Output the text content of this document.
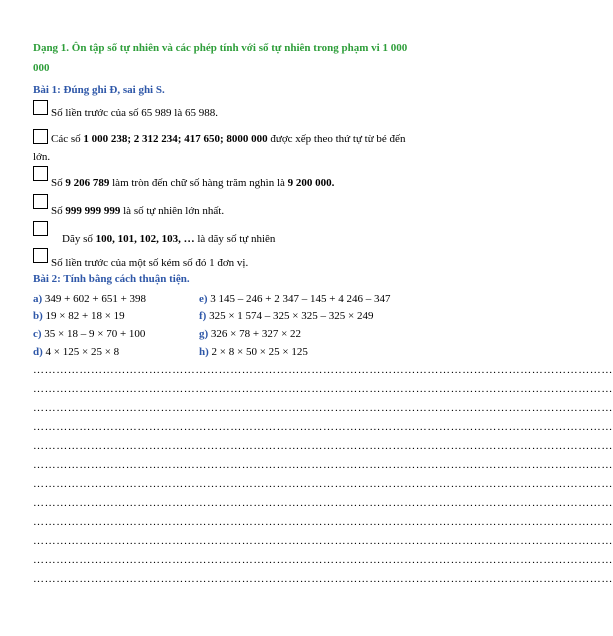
Dạng 1. Ôn tập số tự nhiên và các phép tính với số tự nhiên trong phạm vi 1 000
000
Bài 1: Đúng ghi Đ, sai ghi S.
Số liền trước của số 65 989 là 65 988.
Các số 1 000 238; 2 312 234; 417 650; 8000 000 được xếp theo thứ tự từ bé đến
lớn.
Số 9 206 789 làm tròn đến chữ số hàng trăm nghìn là 9 200 000.
Số 999 999 999 là số tự nhiên lớn nhất.
Dãy số 100, 101, 102, 103, … là dãy số tự nhiên
Số liền trước của một số kém số đó 1 đơn vị.
Bài 2: Tính bằng cách thuận tiện.
a) 349 + 602 + 651 + 398	e) 3 145 – 246 + 2 347 – 145 + 4 246 – 347
b) 19 × 82 + 18 × 19	f) 325 × 1 574 – 325 × 325 – 325 × 249
c) 35 × 18 – 9 × 70 + 100	g) 326 × 78 + 327 × 22
d) 4 × 125 × 25 × 8	h) 2 × 8 × 50 × 25 × 125
……………………………………………………………………………………………………………………………………
……………………………………………………………………………………………………………………………………
……………………………………………………………………………………………………………………………………
……………………………………………………………………………………………………………………………………
……………………………………………………………………………………………………………………………………
……………………………………………………………………………………………………………………………………
……………………………………………………………………………………………………………………………………
……………………………………………………………………………………………………………………………………
……………………………………………………………………………………………………………………………………
……………………………………………………………………………………………………………………………………
……………………………………………………………………………………………………………………………………
……………………………………………………………………………………………………………………………………
